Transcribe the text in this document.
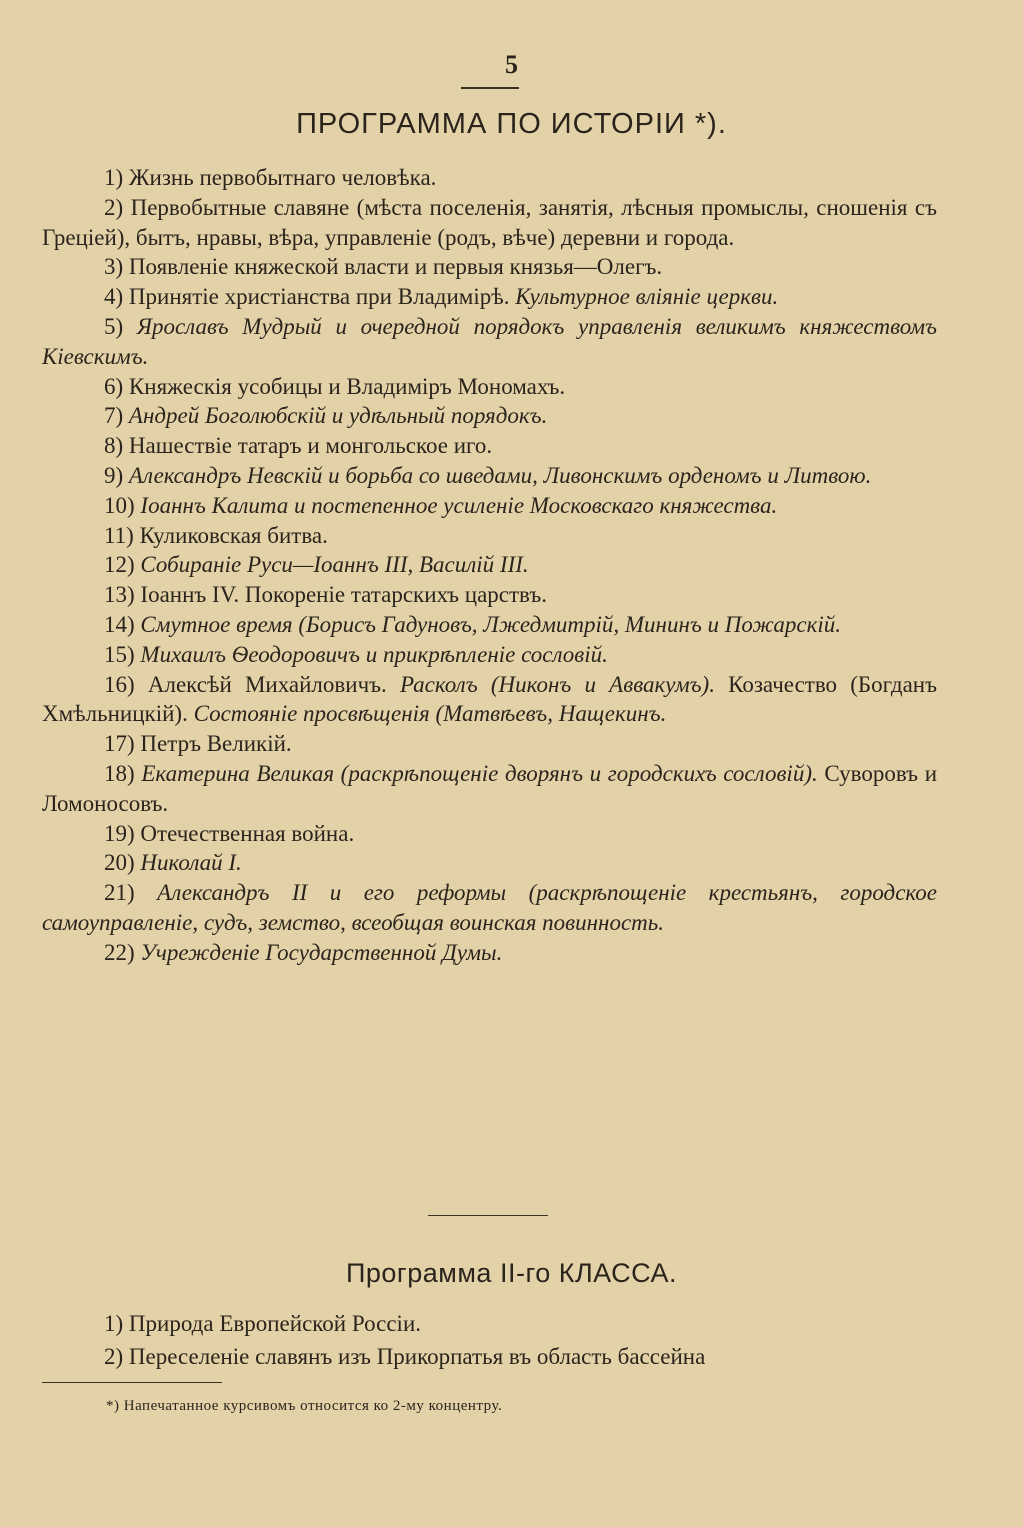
5
ПРОГРАММА ПО ИСТОРІИ *).

1) Жизнь первобытнаго человѣка.

2) Первобытные славяне (мѣста поселенія, занятія, лѣсныя промыслы, сношенія съ Греціей), бытъ, нравы, вѣра, управленіе (родъ, вѣче) деревни и города.

3) Появленіе княжеской власти и первыя князья—Олегъ.

4) Принятіе христіанства при Владимірѣ. Культурное вліяніе церкви.

5) Ярославъ Мудрый и очередной порядокъ управленія великимъ княжествомъ Кіевскимъ.

6) Княжескія усобицы и Владиміръ Мономахъ.

7) Андрей Боголюбскій и удѣльный порядокъ.

8) Нашествіе татаръ и монгольское иго.

9) Александръ Невскій и борьба со шведами, Ливонскимъ орденомъ и Литвою.

10) Іоаннъ Калита и постепенное усиленіе Московскаго княжества.

11) Куликовская битва.

12) Собираніе Руси—Іоаннъ III, Василій III.

13) Іоаннъ IV. Покореніе татарскихъ царствъ.

14) Смутное время (Борисъ Гадуновъ, Лжедмитрій, Мининъ и Пожарскій.

15) Михаилъ Ѳеодоровичъ и прикрѣпленіе сословій.

16) Алексѣй Михайловичъ. Расколъ (Никонъ и Аввакумъ). Козачество (Богданъ Хмѣльницкій). Состояніе просвѣщенія (Матвѣевъ, Нащекинъ.

17) Петръ Великій.

18) Екатерина Великая (раскрѣпощеніе дворянъ и городскихъ сословій). Суворовъ и Ломоносовъ.

19) Отечественная война.

20) Николай I.

21) Александръ II и его реформы (раскрѣпощеніе крестьянъ, городское самоуправленіе, судъ, земство, всеобщая воинская повинность.

22) Учрежденіе Государственной Думы.

Программа II-го КЛАССА.

1) Природа Европейской Россіи.

2) Переселеніе славянъ изъ Прикорпатья въ область бассейна

*) Напечатанное курсивомъ относится ко 2-му концентру.
